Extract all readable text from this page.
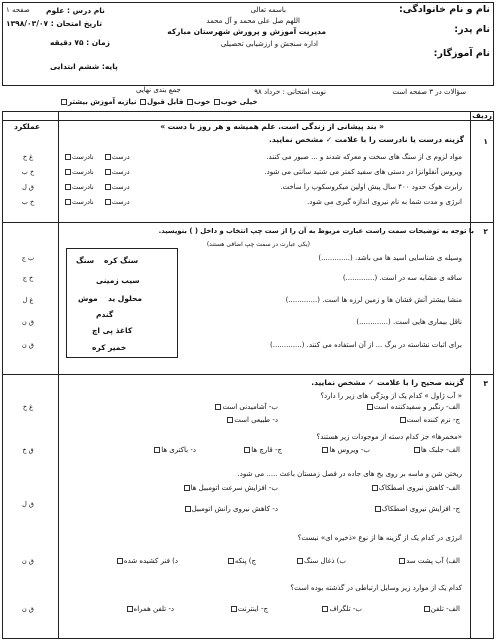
باسمه تعالی
اللهم صل علی محمد و آل محمد
مدیریت آموزش و پرورش شهرستان مبارکه
اداره سنجش و ارزشیابی تحصیلی
نام و نام خانوادگی:
نام پدر:
نام آموزگار:
نام درس : علوم
صفحه ۱
تاریخ امتحان : ۱۳۹۸/۰۳/۰۷
زمان : ۷۵ دقیقه
پایه: ششم ابتدایی
نوبت امتحانی : خرداد ۹۸	سؤالات در ۳ صفحه است
جمع بندی نهایی
خیلی خوب خوب قابل قبول نیازبه آموزش بیشتر
ردیف
عملکرد
۱
« بند پیشانی از زندگی است. علم همیشه و هر روز با دست »
گزینه درست یا نادرست را با علامت ✓ مشخص نمایید.
مواد لزوم ی از سنگ های سخت و معرکه شدند و ... صبور می کنند.
ویروس آنفلوانزا در دستی های سفید کمتر می شنید سانتی می شود.
رابرت هوک حدود ۴۰۰ سال پیش اولین میکروسکوپ را ساخت.
انرژی و مدت شما به نام نیروی اندازه گیری می شود.
درست نادرست
درست نادرست
درست نادرست
درست نادرست
غ خ
خ ب
ق ل
خ ب
۲
با توجه به توضیحات سمت راست عبارت مربوط به آن را از ست چپ انتخاب و داخل ( ) بنویسید.
(یکی عبارت در سمت چپ اضافی هستند)
وسیله ی شناسایی اسید ها می باشد. (.............)
ساقه ی مشابه سه در است. (.............)
منشا بیشتر آتش فشان ها و زمین لرزه ها است. (.............)
ناقل بیماری هایی است. (.............)
برای اثبات نشاسته در برگ ... از آن استفاده می کنند. (.............)
سنگ کره
سنگ
سیب زمینی
محلول ید
موش
گندم
کاغذ پی اچ
خمیر کره
ب ج
خ ج
غ ل
ق ن
ق ن
۳
گزینه صحیح را با علامت ✓ مشخص نمایید.
« آب ژاول » کدام یک از ویژگی های زیر را دارد؟
الف- رنگبر و سفیدکننده است
ب- آشامیدنی است
ج- نرم کننده است
د- طبیعی است
«مخمرها» جز کدام دسته از موجودات زیر هستند؟
الف- جلبک ها
ب- ویروس ها
ج- قارچ ها
د- باکتری ها
ریختن شن و ماسه بر روی یخ های جاده در فصل زمستان باعث ..... می شود.
الف- کاهش نیروی اصطکاک
ب- افزایش سرعت اتومبیل ها
ج- افزایش نیروی اصطکاک
د- کاهش نیروی رانش اتومبیل
انرژی در کدام یک از گزینه ها از نوع «ذخیره ای» نیست؟
الف) آب پشت سد
ب) ذغال سنگ
ج) پنکه
د) فنر کشیده شده
کدام یک از موارد زیر وسایل ارتباطی در گذشته بوده است؟
الف- تلفن
ب- تلگراف
ج- اینترنت
د- تلفن همراه
غ خ
ق خ
ق ل
ق ن
ق ن
